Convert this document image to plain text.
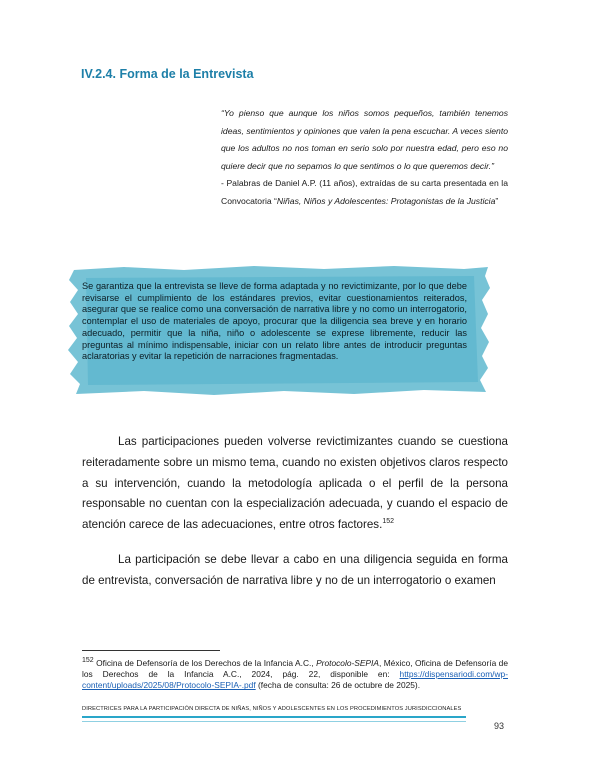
IV.2.4. Forma de la Entrevista
“Yo pienso que aunque los niños somos pequeños, también tenemos ideas, sentimientos y opiniones que valen la pena escuchar. A veces siento que los adultos no nos toman en serio solo por nuestra edad, pero eso no quiere decir que no sepamos lo que sentimos o lo que queremos decir.”
- Palabras de Daniel A.P. (11 años), extraídas de su carta presentada en la Convocatoria “Niñas, Niños y Adolescentes: Protagonistas de la Justicia”
Se garantiza que la entrevista se lleve de forma adaptada y no revictimizante, por lo que debe revisarse el cumplimiento de los estándares previos, evitar cuestionamientos reiterados, asegurar que se realice como una conversación de narrativa libre y no como un interrogatorio, contemplar el uso de materiales de apoyo, procurar que la diligencia sea breve y en horario adecuado, permitir que la niña, niño o adolescente se exprese libremente, reducir las preguntas al mínimo indispensable, iniciar con un relato libre antes de introducir preguntas aclaratorias y evitar la repetición de narraciones fragmentadas.
Las participaciones pueden volverse revictimizantes cuando se cuestiona reiteradamente sobre un mismo tema, cuando no existen objetivos claros respecto a su intervención, cuando la metodología aplicada o el perfil de la persona responsable no cuentan con la especialización adecuada, y cuando el espacio de atención carece de las adecuaciones, entre otros factores.$^{152}$
La participación se debe llevar a cabo en una diligencia seguida en forma de entrevista, conversación de narrativa libre y no de un interrogatorio o examen
$^{152}$ Oficina de Defensoría de los Derechos de la Infancia A.C., Protocolo-SEPIA, México, Oficina de Defensoría de los Derechos de la Infancia A.C., 2024, pág. 22, disponible en: https://dispensariodi.com/wp-content/uploads/2025/08/Protocolo-SEPIA-.pdf (fecha de consulta: 26 de octubre de 2025).
DIRECTRICES PARA LA PARTICIPACIÓN DIRECTA DE NIÑAS, NIÑOS Y ADOLESCENTES EN LOS PROCEDIMIENTOS JURISDICCIONALES
93
